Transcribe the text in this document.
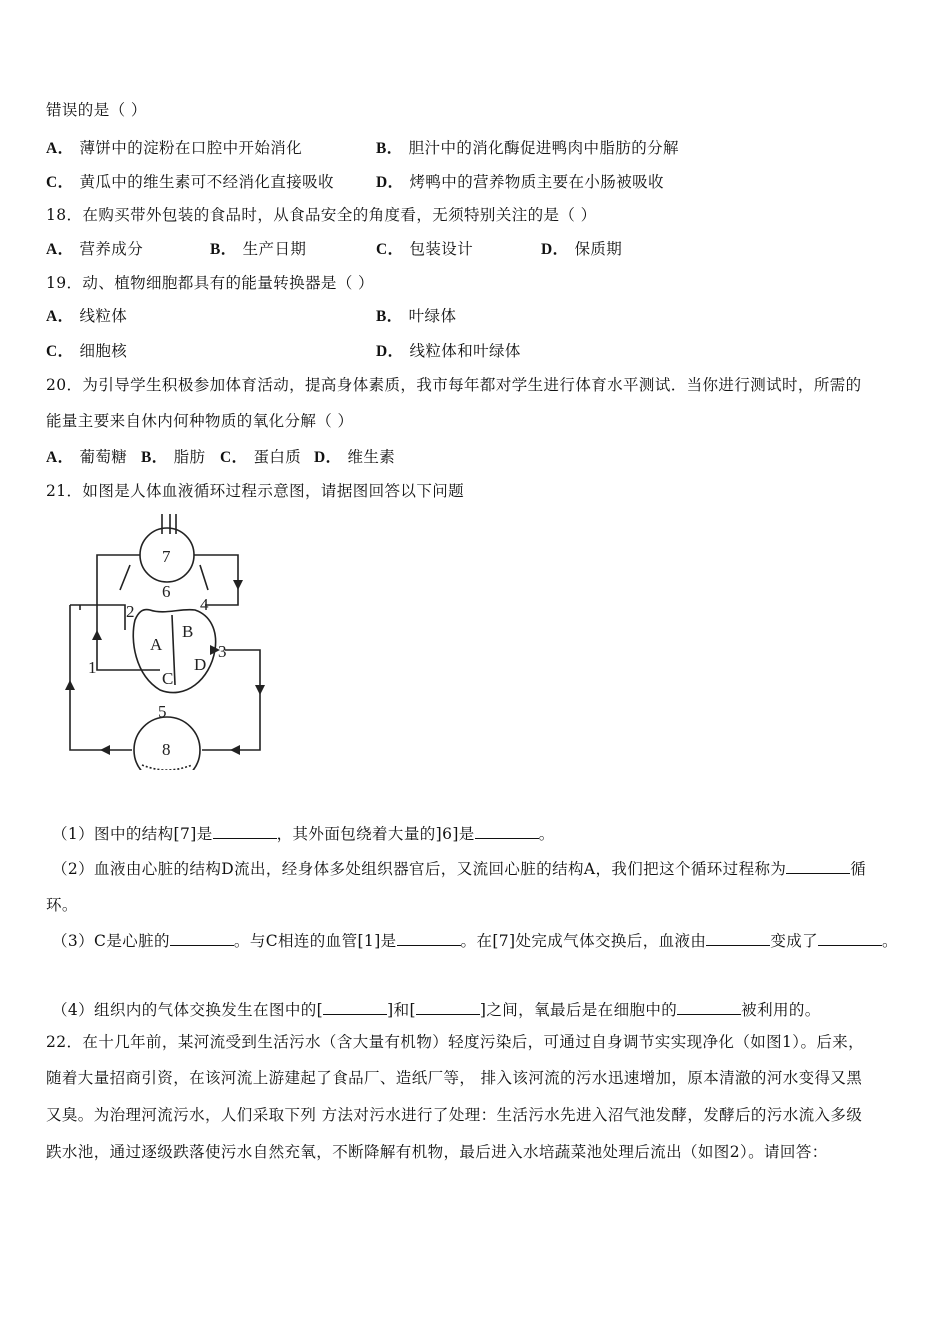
错误的是（ ）
A． 薄饼中的淀粉在口腔中开始消化	B． 胆汁中的消化酶促进鸭肉中脂肪的分解
C． 黄瓜中的维生素可不经消化直接吸收	D． 烤鸭中的营养物质主要在小肠被吸收
18．在购买带外包装的食品时，从食品安全的角度看，无须特别关注的是（ ）
A． 营养成分	B． 生产日期	C． 包装设计	D． 保质期
19．动、植物细胞都具有的能量转换器是（ ）
A． 线粒体	B． 叶绿体
C． 细胞核	D． 线粒体和叶绿体
20．为引导学生积极参加体育活动，提高身体素质，我市每年都对学生进行体育水平测试．当你进行测试时，所需的
能量主要来自休内何种物质的氧化分解（ ）
A． 葡萄糖 B． 脂肪 C． 蛋白质 D． 维生素
21．如图是人体血液循环过程示意图，请据图回答以下问题
7
6
2	4
B
A
D
3
C
1
5
8
（1）图中的结构[7]是	，其外面包绕着大量的]6]是	。
（2）血液由心脏的结构D流出，经身体多处组织器官后，又流回心脏的结构A，我们把这个循环过程称为	循
环。
（3）C是心脏的	。与C相连的血管[1]是	。在[7]处完成气体交换后，血液由	变成了	。
（4）组织内的气体交换发生在图中的[	]和[	]之间，氧最后是在细胞中的	被利用的。
22．在十几年前，某河流受到生活污水（含大量有机物）轻度污染后，可通过自身调节实实现净化（如图1）。后来，
随着大量招商引资，在该河流上游建起了食品厂、造纸厂等， 排入该河流的污水迅速增加，原本清澈的河水变得又黑
又臭。为治理河流污水，人们采取下列 方法对污水进行了处理：生活污水先进入沼气池发酵，发酵后的污水流入多级
跌水池，通过逐级跌落使污水自然充氧，不断降解有机物，最后进入水培蔬菜池处理后流出（如图2）。请回答：
